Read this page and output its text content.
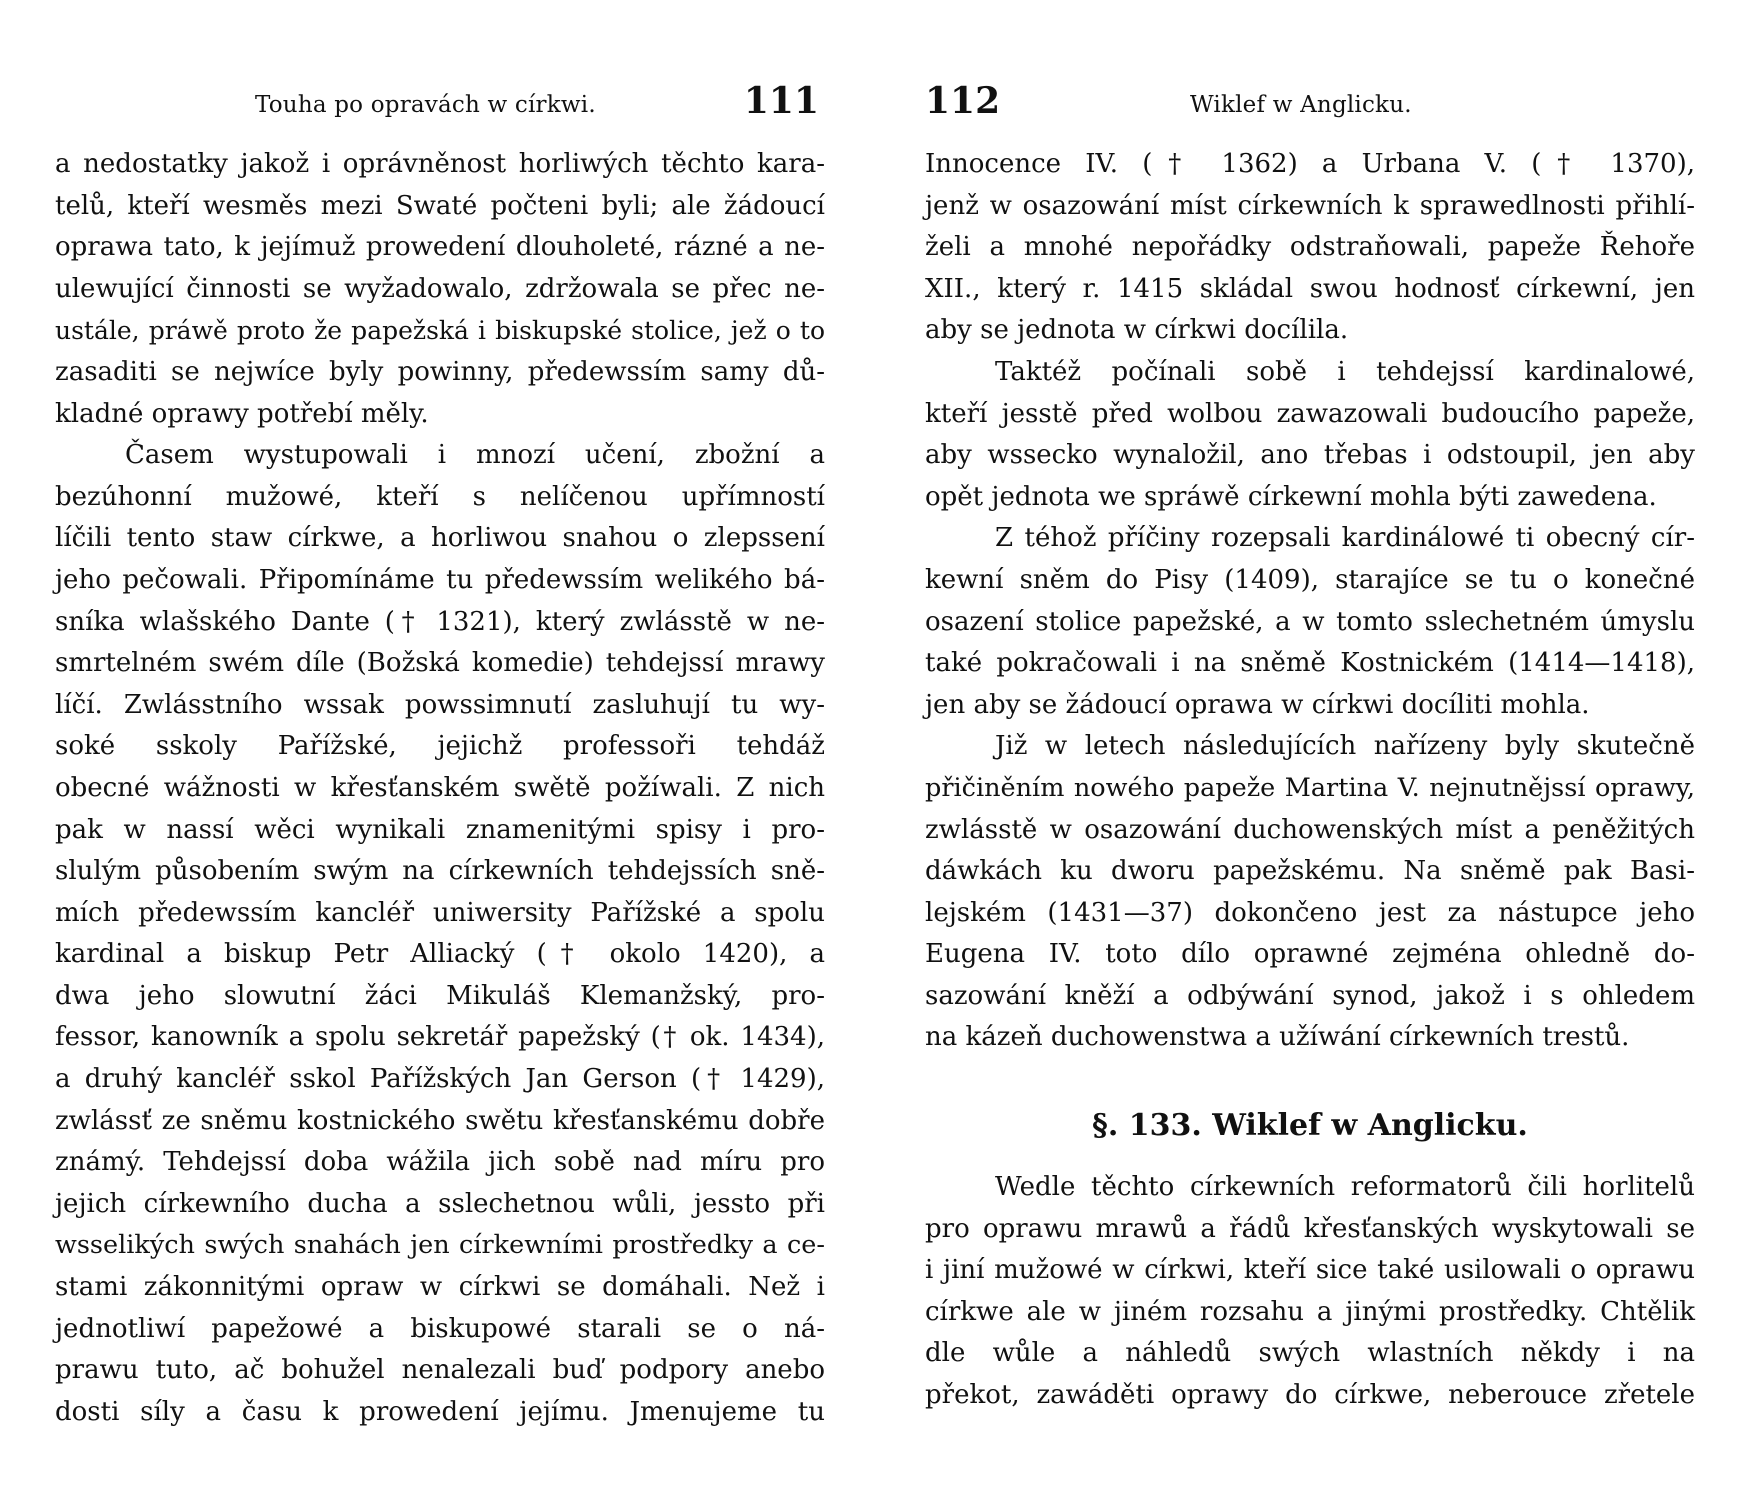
Touha po opravách w církwi.	111
a nedostatky jakož i oprávněnost horliwých těchto kara-
telů, kteří wesměs mezi Swaté počteni byli; ale žádoucí
oprawa tato, k jejímuž prowedení dlouholeté, rázné a ne-
ulewující činnosti se wyžadowalo, zdržowala se přec ne-
ustále, práwě proto že papežská i biskupské stolice, jež o to
zasaditi se nejwíce byly powinny, předewssím samy dů-
kladné oprawy potřebí měly.
Časem wystupowali i mnozí učení, zbožní a
bezúhonní mužowé, kteří s nelíčenou upřímností
líčili tento staw církwe, a horliwou snahou o zlepssení
jeho pečowali. Připomínáme tu předewssím welikého bá-
sníka wlašského Dante († 1321), který zwlásstě w ne-
smrtelném swém díle (Božská komedie) tehdejssí mrawy
líčí. Zwlásstního wssak powssimnutí zasluhují tu wy-
soké sskoly Pařížské, jejichž professoři tehdáž
obecné wážnosti w křesťanském swětě požíwali. Z nich
pak w nassí wěci wynikali znamenitými spisy i pro-
slulým působením swým na církewních tehdejssích sně-
mích předewssím kancléř uniwersity Pařížské a spolu
kardinal a biskup Petr Alliacký († okolo 1420), a
dwa jeho slowutní žáci Mikuláš Klemanžský, pro-
fessor, kanowník a spolu sekretář papežský († ok. 1434),
a druhý kancléř sskol Pařížských Jan Gerson († 1429),
zwlássť ze sněmu kostnického swětu křesťanskému dobře
známý. Tehdejssí doba wážila jich sobě nad míru pro
jejich církewního ducha a sslechetnou wůli, jessto při
wsselikých swých snahách jen církewními prostředky a ce-
stami zákonnitými opraw w církwi se domáhali. Než i
jednotliwí papežowé a biskupowé starali se o ná-
prawu tuto, ač bohužel nenalezali buď podpory anebo
dosti síly a času k prowedení jejímu. Jmenujeme tu
112	Wiklef w Anglicku.
Innocence IV. († 1362) a Urbana V. († 1370),
jenž w osazowání míst církewních k sprawedlnosti přihlí-
želi a mnohé nepořádky odstraňowali, papeže Řehoře
XII., který r. 1415 skládal swou hodnosť církewní, jen
aby se jednota w církwi docílila.
Taktéž počínali sobě i tehdejssí kardinalowé,
kteří jesstě před wolbou zawazowali budoucího papeže,
aby wssecko wynaložil, ano třebas i odstoupil, jen aby
opět jednota we spráwě církewní mohla býti zawedena.
Z téhož příčiny rozepsali kardinálowé ti obecný cír-
kewní sněm do Pisy (1409), starajíce se tu o konečné
osazení stolice papežské, a w tomto sslechetném úmyslu
také pokračowali i na sněmě Kostnickém (1414—1418),
jen aby se žádoucí oprawa w církwi docíliti mohla.
Již w letech následujících nařízeny byly skutečně
přičiněním nowého papeže Martina V. nejnutnějssí oprawy,
zwlásstě w osazowání duchowenských míst a peněžitých
dáwkách ku dworu papežskému. Na sněmě pak Basi-
lejském (1431—37) dokončeno jest za nástupce jeho
Eugena IV. toto dílo oprawné zejména ohledně do-
sazowání kněží a odbýwání synod, jakož i s ohledem
na kázeň duchowenstwa a užíwání církewních trestů.
§. 133. Wiklef w Anglicku.
Wedle těchto církewních reformatorů čili horlitelů
pro oprawu mrawů a řádů křesťanských wyskytowali se
i jiní mužowé w církwi, kteří sice také usilowali o oprawu
církwe ale w jiném rozsahu a jinými prostředky. Chtělik
dle wůle a náhledů swých wlastních někdy i na
překot, zawáděti oprawy do církwe, neberouce zřetele
